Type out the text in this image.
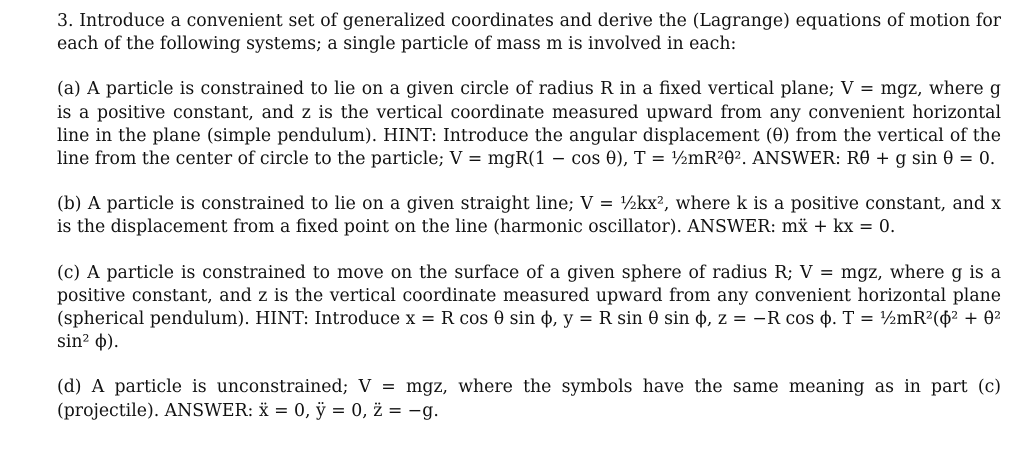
3. Introduce a convenient set of generalized coordinates and derive the (Lagrange) equations of motion for each of the following systems; a single particle of mass m is involved in each:

(a) A particle is constrained to lie on a given circle of radius R in a fixed vertical plane; V = mgz, where g is a positive constant, and z is the vertical coordinate measured upward from any convenient horizontal line in the plane (simple pendulum). HINT: Introduce the angular displacement (θ) from the vertical of the line from the center of circle to the particle; V = mgR(1 − cos θ), T = ½mR²θ̇². ANSWER: Rθ̈ + g sin θ = 0.

(b) A particle is constrained to lie on a given straight line; V = ½kx², where k is a positive constant, and x is the displacement from a fixed point on the line (harmonic oscillator). ANSWER: mẍ + kx = 0.

(c) A particle is constrained to move on the surface of a given sphere of radius R; V = mgz, where g is a positive constant, and z is the vertical coordinate measured upward from any convenient horizontal plane (spherical pendulum). HINT: Introduce x = R cos θ sin ϕ, y = R sin θ sin ϕ, z = −R cos ϕ. T = ½mR²(ϕ̇² + θ̇² sin² ϕ).

(d) A particle is unconstrained; V = mgz, where the symbols have the same meaning as in part (c) (projectile). ANSWER: ẍ = 0, ÿ = 0, z̈ = −g.
